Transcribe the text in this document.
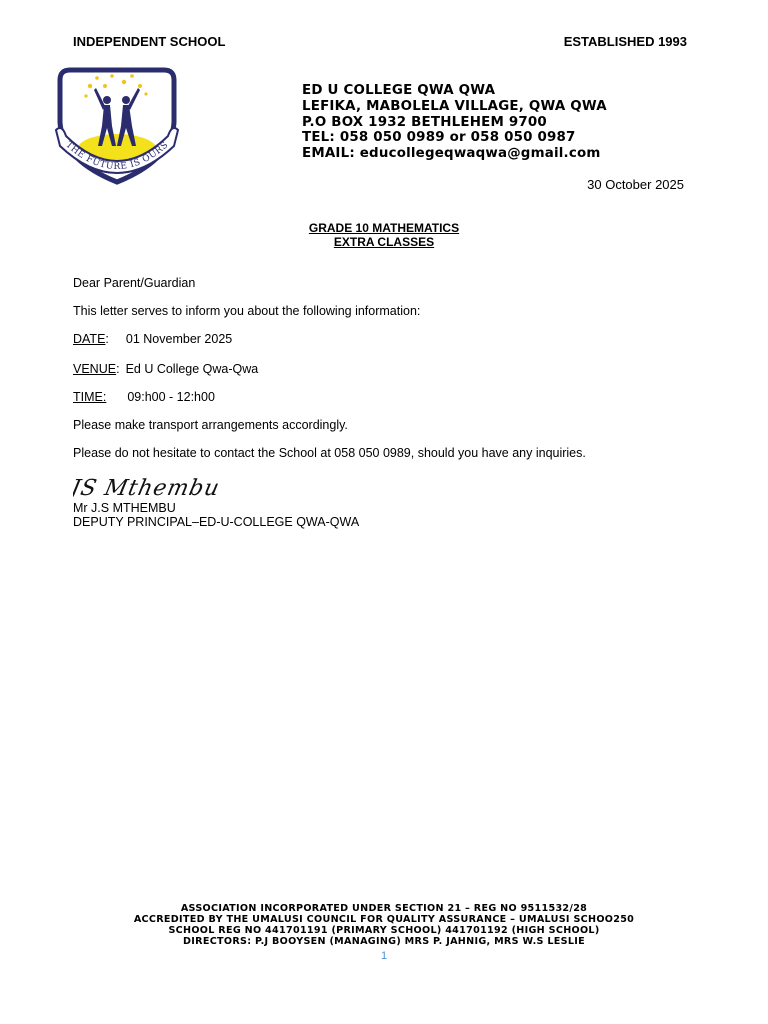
INDEPENDENT SCHOOL	ESTABLISHED 1993
THE FUTURE IS OURS
ED U COLLEGE QWA QWA
LEFIKA, MABOLELA VILLAGE, QWA QWA
P.O BOX 1932 BETHLEHEM 9700
TEL: 058 050 0989 or 058 050 0987
EMAIL: educollegeqwaqwa@gmail.com
30 October 2025
GRADE 10 MATHEMATICS
EXTRA CLASSES
Dear Parent/Guardian
This letter serves to inform you about the following information:
DATE: 01 November 2025
VENUE: Ed U College Qwa-Qwa
TIME: 09:h00 - 12:h00
Please make transport arrangements accordingly.
Please do not hesitate to contact the School at 058 050 0989, should you have any inquiries.
JS Mthembu
Mr J.S MTHEMBU
DEPUTY PRINCIPAL–ED-U-COLLEGE QWA-QWA
ASSOCIATION INCORPORATED UNDER SECTION 21 – REG NO 9511532/28
ACCREDITED BY THE UMALUSI COUNCIL FOR QUALITY ASSURANCE – UMALUSI SCHOO250
SCHOOL REG NO 441701191 (PRIMARY SCHOOL) 441701192 (HIGH SCHOOL)
DIRECTORS: P.J BOOYSEN (MANAGING) MRS P. JAHNIG, MRS W.S LESLIE
1
